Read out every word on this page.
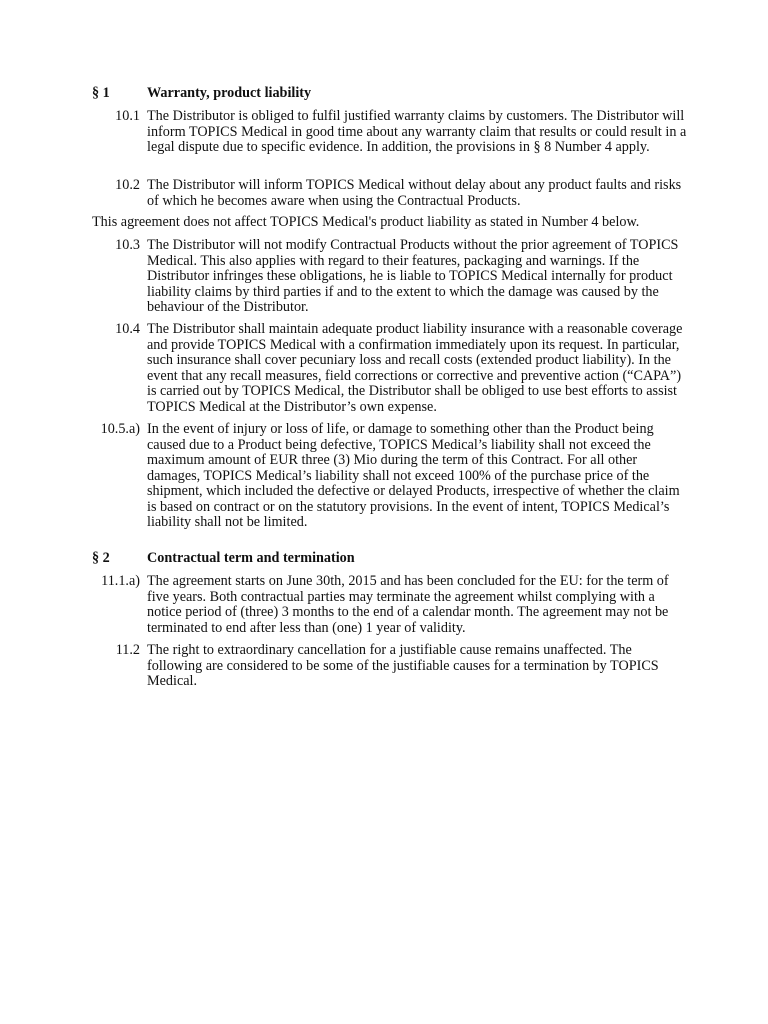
§ 1	Warranty, product liability
10.1 The Distributor is obliged to fulfil justified warranty claims by customers. The Distributor will inform TOPICS Medical in good time about any warranty claim that results or could result in a legal dispute due to specific evidence. In addition, the provisions in § 8 Number 4 apply.
10.2 The Distributor will inform TOPICS Medical without delay about any product faults and risks of which he becomes aware when using the Contractual Products.
This agreement does not affect TOPICS Medical's product liability as stated in Number 4 below.
10.3 The Distributor will not modify Contractual Products without the prior agreement of TOPICS Medical. This also applies with regard to their features, packaging and warnings. If the Distributor infringes these obligations, he is liable to TOPICS Medical internally for product liability claims by third parties if and to the extent to which the damage was caused by the behaviour of the Distributor.
10.4 The Distributor shall maintain adequate product liability insurance with a reasonable coverage and provide TOPICS Medical with a confirmation immediately upon its request. In particular, such insurance shall cover pecuniary loss and recall costs (extended product liability). In the event that any recall measures, field corrections or corrective and preventive action (“CAPA”) is carried out by TOPICS Medical, the Distributor shall be obliged to use best efforts to assist TOPICS Medical at the Distributor’s own expense.
10.5.a) In the event of injury or loss of life, or damage to something other than the Product being caused due to a Product being defective, TOPICS Medical’s liability shall not exceed the maximum amount of EUR three (3) Mio during the term of this Contract. For all other damages, TOPICS Medical’s liability shall not exceed 100% of the purchase price of the shipment, which included the defective or delayed Products, irrespective of whether the claim is based on contract or on the statutory provisions. In the event of intent, TOPICS Medical’s liability shall not be limited.
§ 2	Contractual term and termination
11.1.a) The agreement starts on June 30th, 2015 and has been concluded for the EU: for the term of five years. Both contractual parties may terminate the agreement whilst complying with a notice period of (three) 3 months to the end of a calendar month. The agreement may not be terminated to end after less than (one) 1 year of validity.
11.2 The right to extraordinary cancellation for a justifiable cause remains unaffected. The following are considered to be some of the justifiable causes for a termination by TOPICS Medical.
